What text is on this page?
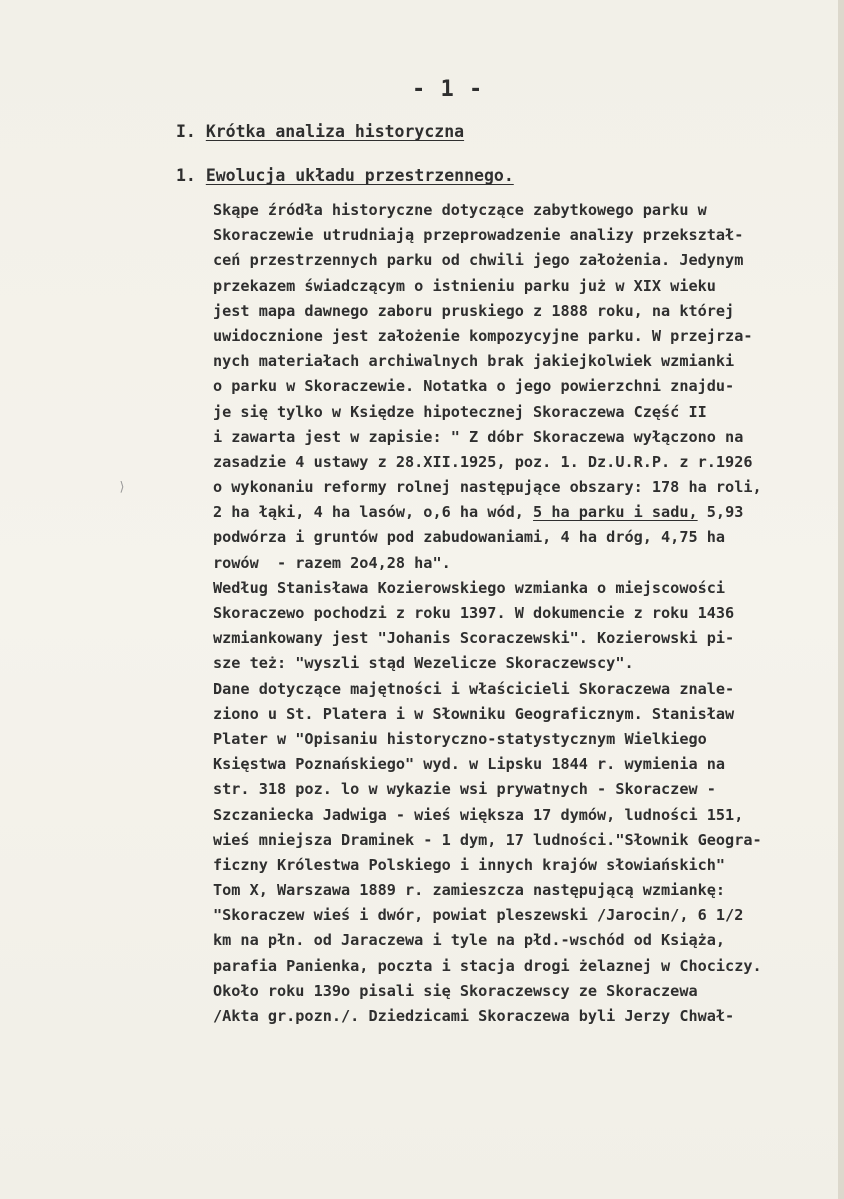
- 1 -
I. Krótka analiza historyczna
1. Ewolucja układu przestrzennego.
⟩
Skąpe źródła historyczne dotyczące zabytkowego parku w
Skoraczewie utrudniają przeprowadzenie analizy przekształ-
ceń przestrzennych parku od chwili jego założenia. Jedynym
przekazem świadczącym o istnieniu parku już w XIX wieku
jest mapa dawnego zaboru pruskiego z 1888 roku, na której
uwidocznione jest założenie kompozycyjne parku. W przejrza-
nych materiałach archiwalnych brak jakiejkolwiek wzmianki
o parku w Skoraczewie. Notatka o jego powierzchni znajdu-
je się tylko w Księdze hipotecznej Skoraczewa Część II
i zawarta jest w zapisie: " Z dóbr Skoraczewa wyłączono na
zasadzie 4 ustawy z 28.XII.1925, poz. 1. Dz.U.R.P. z r.1926
o wykonaniu reformy rolnej następujące obszary: 178 ha roli,
2 ha łąki, 4 ha lasów, o,6 ha wód, 5 ha parku i sadu, 5,93
podwórza i gruntów pod zabudowaniami, 4 ha dróg, 4,75 ha
rowów  - razem 2o4,28 ha".
Według Stanisława Kozierowskiego wzmianka o miejscowości
Skoraczewo pochodzi z roku 1397. W dokumencie z roku 1436
wzmiankowany jest "Johanis Scoraczewski". Kozierowski pi-
sze też: "wyszli stąd Wezelicze Skoraczewscy".
Dane dotyczące majętności i właścicieli Skoraczewa znale-
ziono u St. Platera i w Słowniku Geograficznym. Stanisław
Plater w "Opisaniu historyczno-statystycznym Wielkiego
Księstwa Poznańskiego" wyd. w Lipsku 1844 r. wymienia na
str. 318 poz. lo w wykazie wsi prywatnych - Skoraczew -
Szczaniecka Jadwiga - wieś większa 17 dymów, ludności 151,
wieś mniejsza Draminek - 1 dym, 17 ludności."Słownik Geogra-
ficzny Królestwa Polskiego i innych krajów słowiańskich"
Tom X, Warszawa 1889 r. zamieszcza następującą wzmiankę:
"Skoraczew wieś i dwór, powiat pleszewski /Jarocin/, 6 1/2
km na płn. od Jaraczewa i tyle na płd.-wschód od Książa,
parafia Panienka, poczta i stacja drogi żelaznej w Chociczy.
Około roku 139o pisali się Skoraczewscy ze Skoraczewa
/Akta gr.pozn./. Dziedzicami Skoraczewa byli Jerzy Chwał-
